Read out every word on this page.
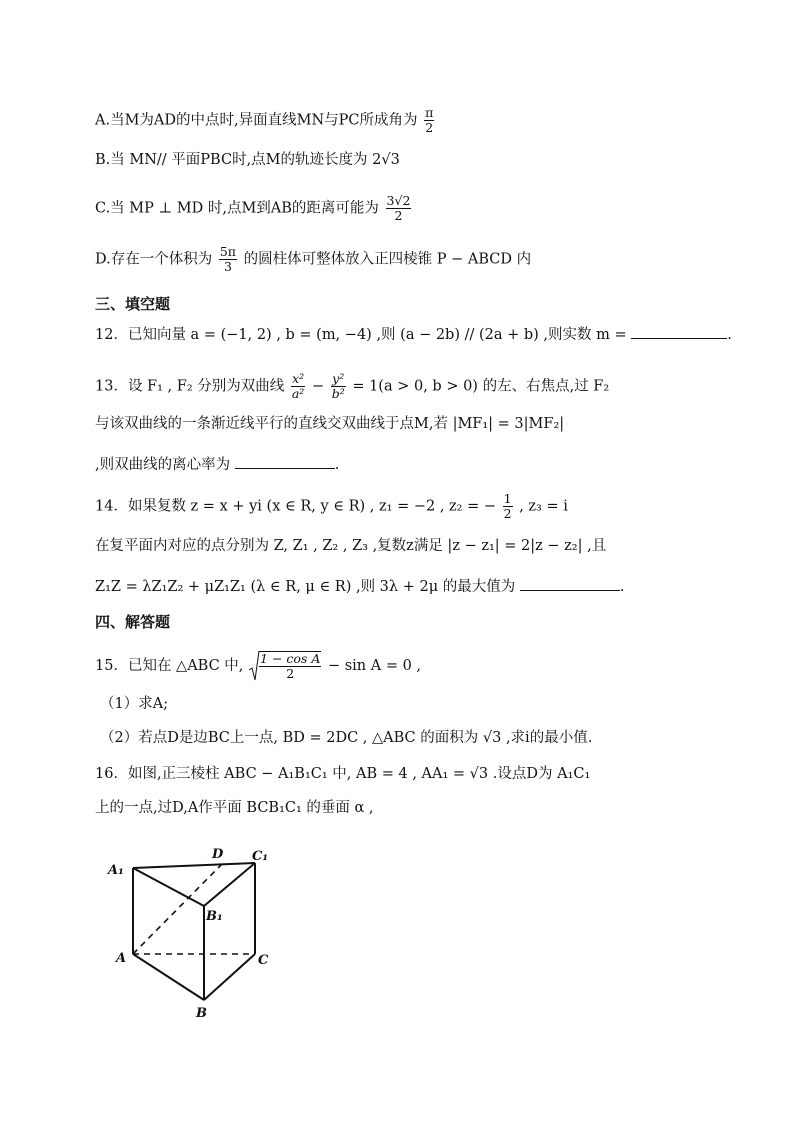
A.当M为AD的中点时,异面直线MN与PC所成角为 $\frac{\pi}{2}$
B.当 MN// 平面PBC时,点M的轨迹长度为 2√3
C.当 MP ⊥ MD 时,点M到AB的距离可能为 $\frac{3√2}{2}$
D.存在一个体积为 $\frac{5\pi}{3}$ 的圆柱体可整体放入正四棱锥 P − ABCD 内
三、填空题
12．已知向量 a = (−1, 2) , b = (m, −4) ,则 (a − 2b) // (2a + b) ,则实数 m =	.
13．设 F₁ , F₂ 分别为双曲线 $\frac{\text{x²}}{\text{a²}} - \frac{\text{y²}}{\text{b²}} = 1(a > 0$, b > 0) 的左、右焦点,过 F₂
与该双曲线的一条渐近线平行的直线交双曲线于点M,若 |MF₁| = 3|MF₂|
,则双曲线的离心率为	.
14．如果复数 z = x + yi (x ∈ R, y ∈ R) , z₁ = −2 , z₂ = − $\frac{1}{2}$ , z₃ = i
在复平面内对应的点分别为 Z, Z₁ , Z₂ , Z₃ ,复数z满足 |z − z₁| = 2|z − z₂| ,且
Z₁Z = λZ₁Z₂ + μZ₁Z₁ (λ ∈ R, μ ∈ R) ,则 3λ + 2μ 的最大值为	.
四、解答题
15．已知在 △ABC 中, $\frac{\text{1 − cos A}}{2} - \sin A = 0$ ,
（1）求A;
（2）若点D是边BC上一点, BD = 2DC , △ABC 的面积为 √3 ,求i的最小值.
16．如图,正三棱柱 ABC − A₁B₁C₁ 中, AB = 4 , AA₁ = √3 .设点D为 A₁C₁
上的一点,过D,A作平面 BCB₁C₁ 的垂面 α ,
A₁
D C₁
B₁
A	C
B
